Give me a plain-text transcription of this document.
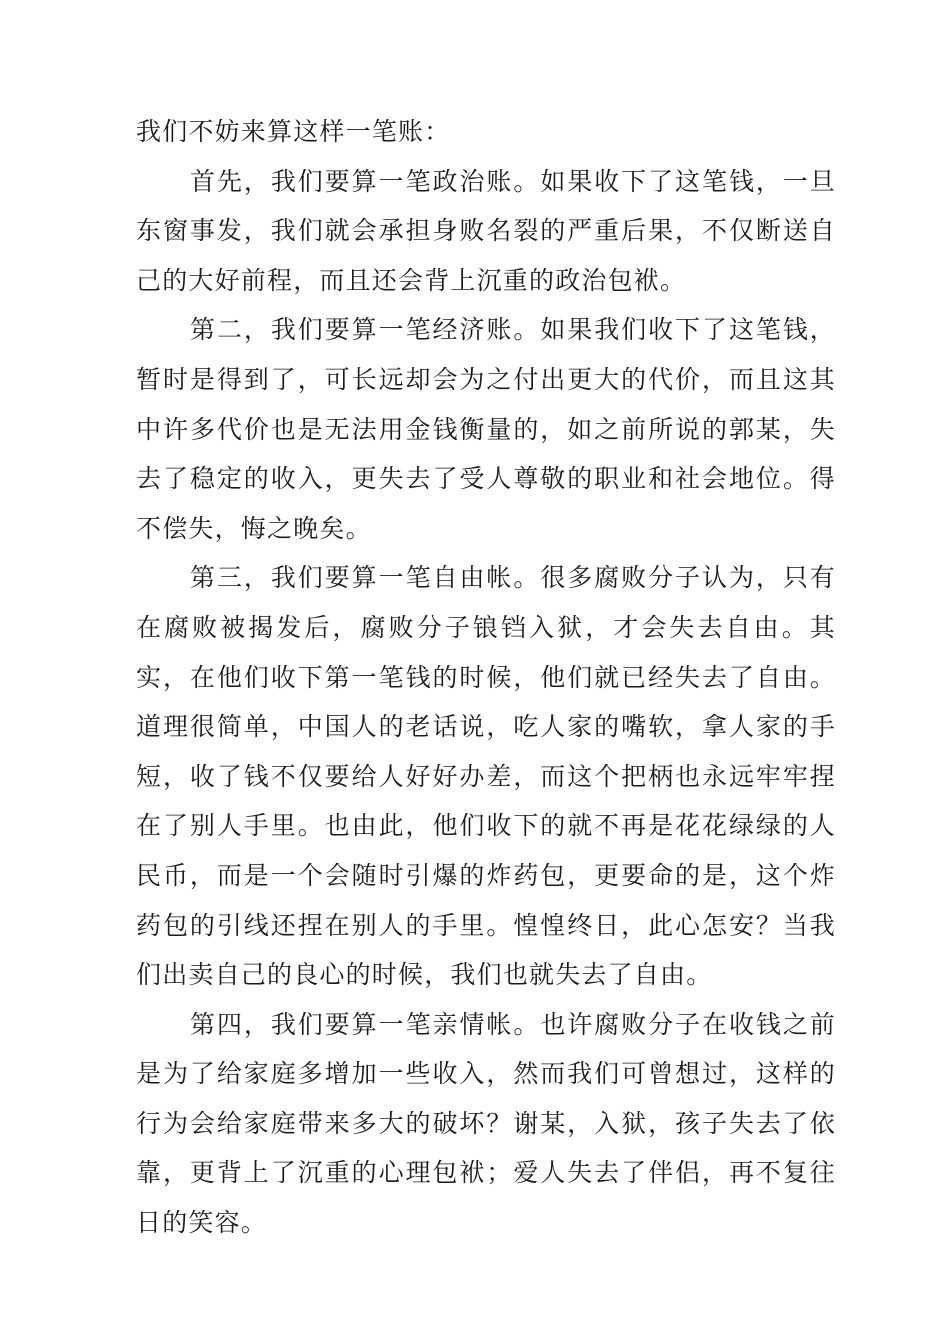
我们不妨来算这样一笔账：

首先，我们要算一笔政治账。如果收下了这笔钱，一旦东窗事发，我们就会承担身败名裂的严重后果，不仅断送自己的大好前程，而且还会背上沉重的政治包袱。

第二，我们要算一笔经济账。如果我们收下了这笔钱，暂时是得到了，可长远却会为之付出更大的代价，而且这其中许多代价也是无法用金钱衡量的，如之前所说的郭某，失去了稳定的收入，更失去了受人尊敬的职业和社会地位。得不偿失，悔之晚矣。

第三，我们要算一笔自由帐。很多腐败分子认为，只有在腐败被揭发后，腐败分子锒铛入狱，才会失去自由。其实，在他们收下第一笔钱的时候，他们就已经失去了自由。道理很简单，中国人的老话说，吃人家的嘴软，拿人家的手短，收了钱不仅要给人好好办差，而这个把柄也永远牢牢捏在了别人手里。也由此，他们收下的就不再是花花绿绿的人民币，而是一个会随时引爆的炸药包，更要命的是，这个炸药包的引线还捏在别人的手里。惶惶终日，此心怎安？当我们出卖自己的良心的时候，我们也就失去了自由。

第四，我们要算一笔亲情帐。也许腐败分子在收钱之前是为了给家庭多增加一些收入，然而我们可曾想过，这样的行为会给家庭带来多大的破坏？谢某，入狱，孩子失去了依靠，更背上了沉重的心理包袱；爱人失去了伴侣，再不复往日的笑容。
